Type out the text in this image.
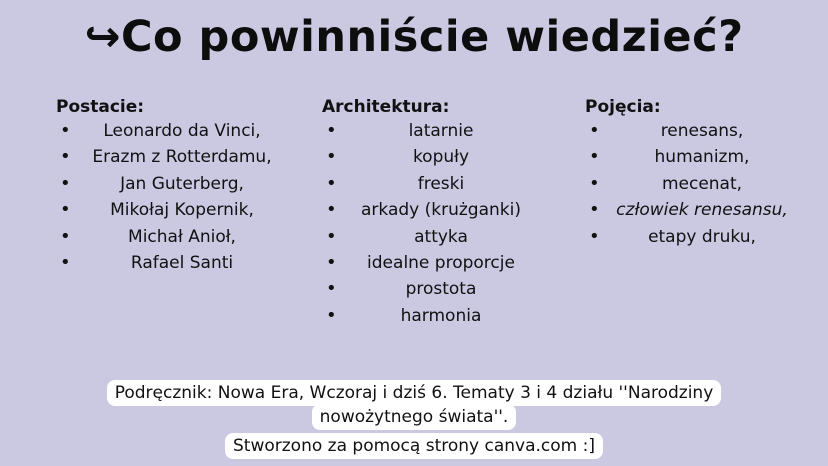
↪Co powinniście wiedzieć?
Postacie:
• Leonardo da Vinci,
• Erazm z Rotterdamu,
• Jan Guterberg,
• Mikołaj Kopernik,
• Michał Anioł,
• Rafael Santi
Architektura:
• latarnie
• kopuły
• freski
• arkady (krużganki)
• attyka
• idealne proporcje
• prostota
• harmonia
Pojęcia:
• renesans,
• humanizm,
• mecenat,
• człowiek renesansu,
• etapy druku,
Podręcznik: Nowa Era, Wczoraj i dziś 6. Tematy 3 i 4 działu ''Narodziny
nowożytnego świata''.
Stworzono za pomocą strony canva.com :]
